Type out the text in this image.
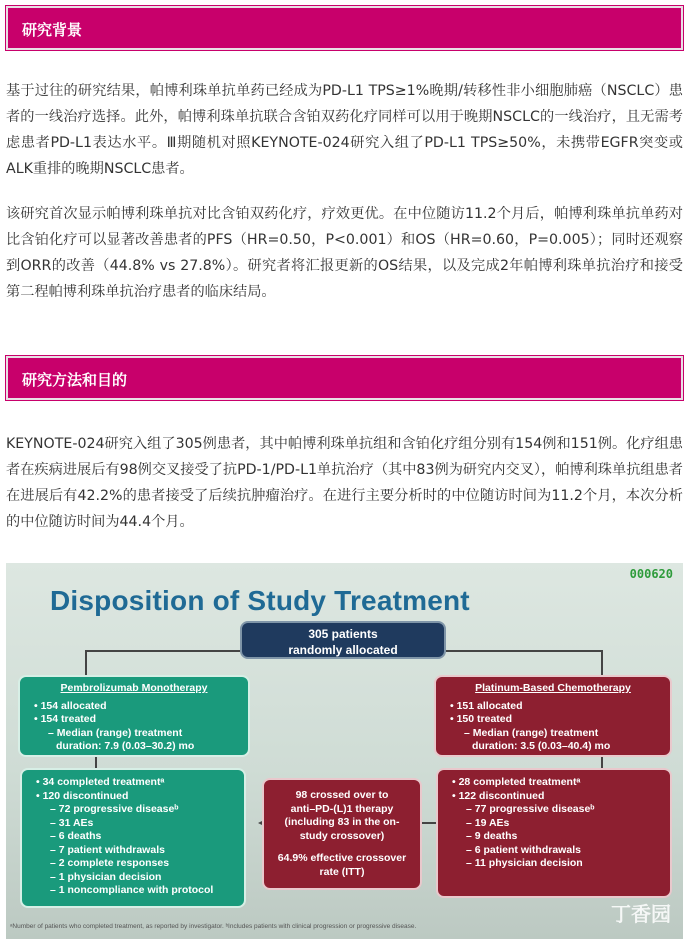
研究背景
基于过往的研究结果，帕博利珠单抗单药已经成为PD-L1 TPS≥1%晚期/转移性非小细胞肺癌（NSCLC）患者的一线治疗选择。此外，帕博利珠单抗联合含铂双药化疗同样可以用于晚期NSCLC的一线治疗，且无需考虑患者PD-L1表达水平。Ⅲ期随机对照KEYNOTE-024研究入组了PD-L1 TPS≥50%，未携带EGFR突变或ALK重排的晚期NSCLC患者。
该研究首次显示帕博利珠单抗对比含铂双药化疗，疗效更优。在中位随访11.2个月后，帕博利珠单抗单药对比含铂化疗可以显著改善患者的PFS（HR=0.50，P<0.001）和OS（HR=0.60，P=0.005）；同时还观察到ORR的改善（44.8% vs 27.8%）。研究者将汇报更新的OS结果，以及完成2年帕博利珠单抗治疗和接受第二程帕博利珠单抗治疗患者的临床结局。
研究方法和目的
KEYNOTE-024研究入组了305例患者，其中帕博利珠单抗组和含铂化疗组分别有154例和151例。化疗组患者在疾病进展后有98例交叉接受了抗PD-1/PD-L1单抗治疗（其中83例为研究内交叉），帕博利珠单抗组患者在进展后有42.2%的患者接受了后续抗肿瘤治疗。在进行主要分析时的中位随访时间为11.2个月，本次分析的中位随访时间为44.4个月。
000620
Disposition of Study Treatment
305 patients
randomly allocated
Pembrolizumab Monotherapy
• 154 allocated
• 154 treated
– Median (range) treatment
duration: 7.9 (0.03–30.2) mo
Platinum-Based Chemotherapy
• 151 allocated
• 150 treated
– Median (range) treatment
duration: 3.5 (0.03–40.4) mo
• 34 completed treatmentᵃ
• 120 discontinued
– 72 progressive diseaseᵇ
– 31 AEs
– 6 deaths
– 7 patient withdrawals
– 2 complete responses
– 1 physician decision
– 1 noncompliance with protocol
98 crossed over to
anti–PD-(L)1 therapy
(including 83 in the on-
study crossover)
64.9% effective crossover
rate (ITT)
• 28 completed treatmentᵃ
• 122 discontinued
– 77 progressive diseaseᵇ
– 19 AEs
– 9 deaths
– 6 patient withdrawals
– 11 physician decision
ᵃNumber of patients who completed treatment, as reported by investigator. ᵇIncludes patients with clinical progression or progressive disease.
丁香园
